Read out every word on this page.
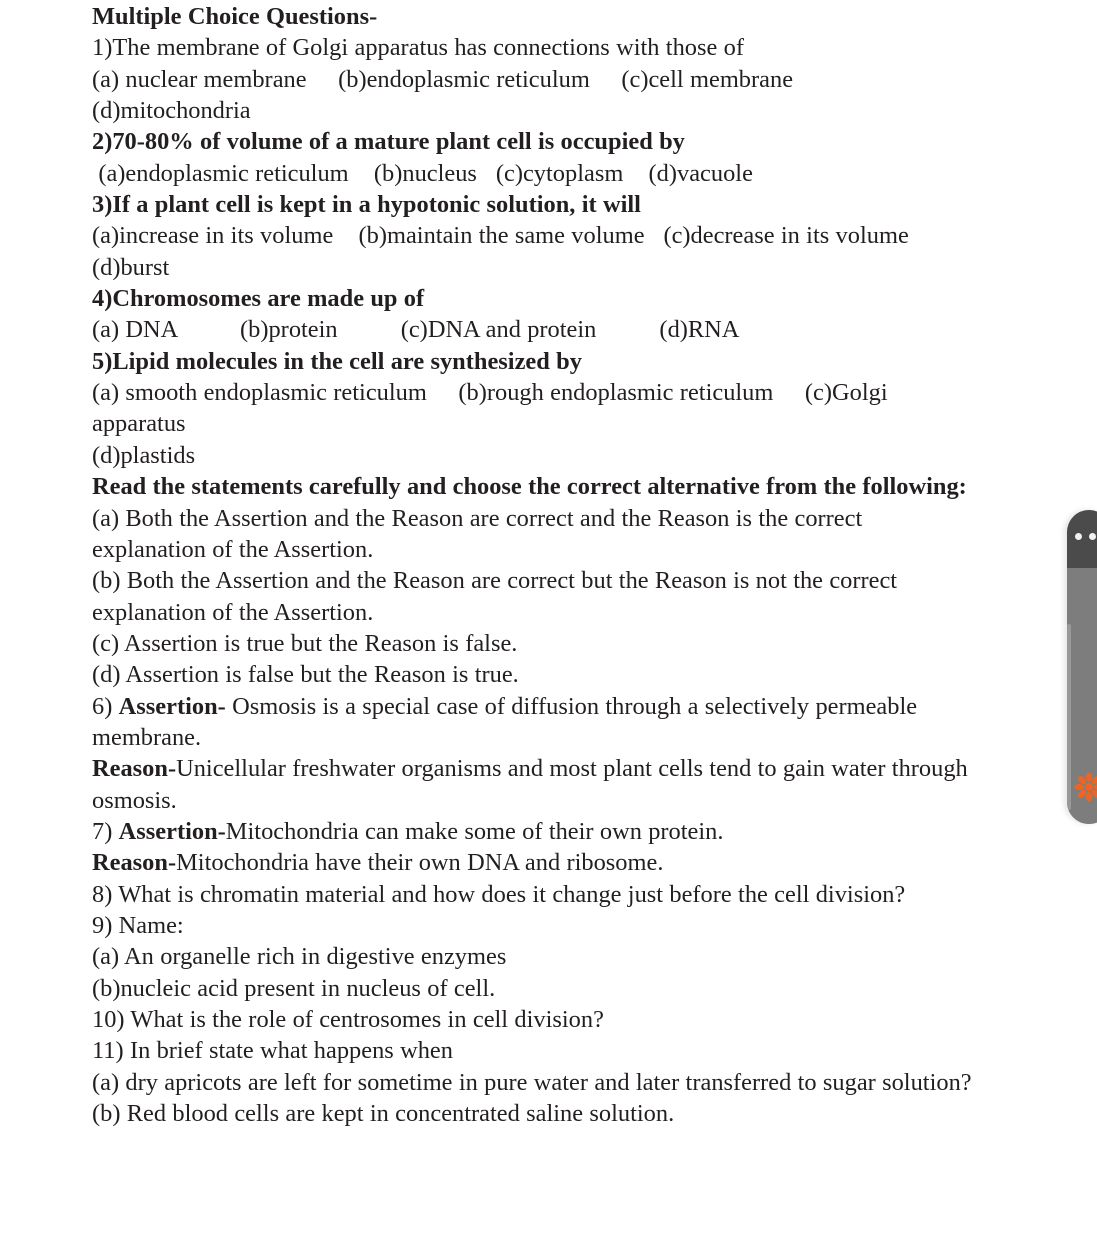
Multiple Choice Questions-

1)The membrane of Golgi apparatus has connections with those of

(a) nuclear membrane     (b)endoplasmic reticulum     (c)cell membrane      (d)mitochondria

2)70-80% of volume of a mature plant cell is occupied by

(a)endoplasmic reticulum    (b)nucleus   (c)cytoplasm    (d)vacuole

3)If a plant cell is kept in a hypotonic solution, it will

(a)increase in its volume    (b)maintain the same volume   (c)decrease in its volume    (d)burst

4)Chromosomes are made up of

(a) DNA          (b)protein          (c)DNA and protein          (d)RNA

5)Lipid molecules in the cell are synthesized by

(a) smooth endoplasmic reticulum     (b)rough endoplasmic reticulum     (c)Golgi apparatus

(d)plastids

Read the statements carefully and choose the correct alternative from the following:

(a) Both the Assertion and the Reason are correct and the Reason is the correct explanation of the Assertion.

(b) Both the Assertion and the Reason are correct but the Reason is not the correct explanation of the Assertion.

(c) Assertion is true but the Reason is false.

(d) Assertion is false but the Reason is true.

6) Assertion- Osmosis is a special case of diffusion through a selectively permeable membrane.

Reason-Unicellular freshwater organisms and most plant cells tend to gain water through osmosis.

7) Assertion-Mitochondria can make some of their own protein.

Reason-Mitochondria have their own DNA and ribosome.

8) What is chromatin material and how does it change just before the cell division?

9) Name:

(a) An organelle rich in digestive enzymes

(b)nucleic acid present in nucleus of cell.

10) What is the role of centrosomes in cell division?

11) In brief state what happens when

(a) dry apricots are left for sometime in pure water and later transferred to sugar solution?

(b) Red blood cells are kept in concentrated saline solution.
